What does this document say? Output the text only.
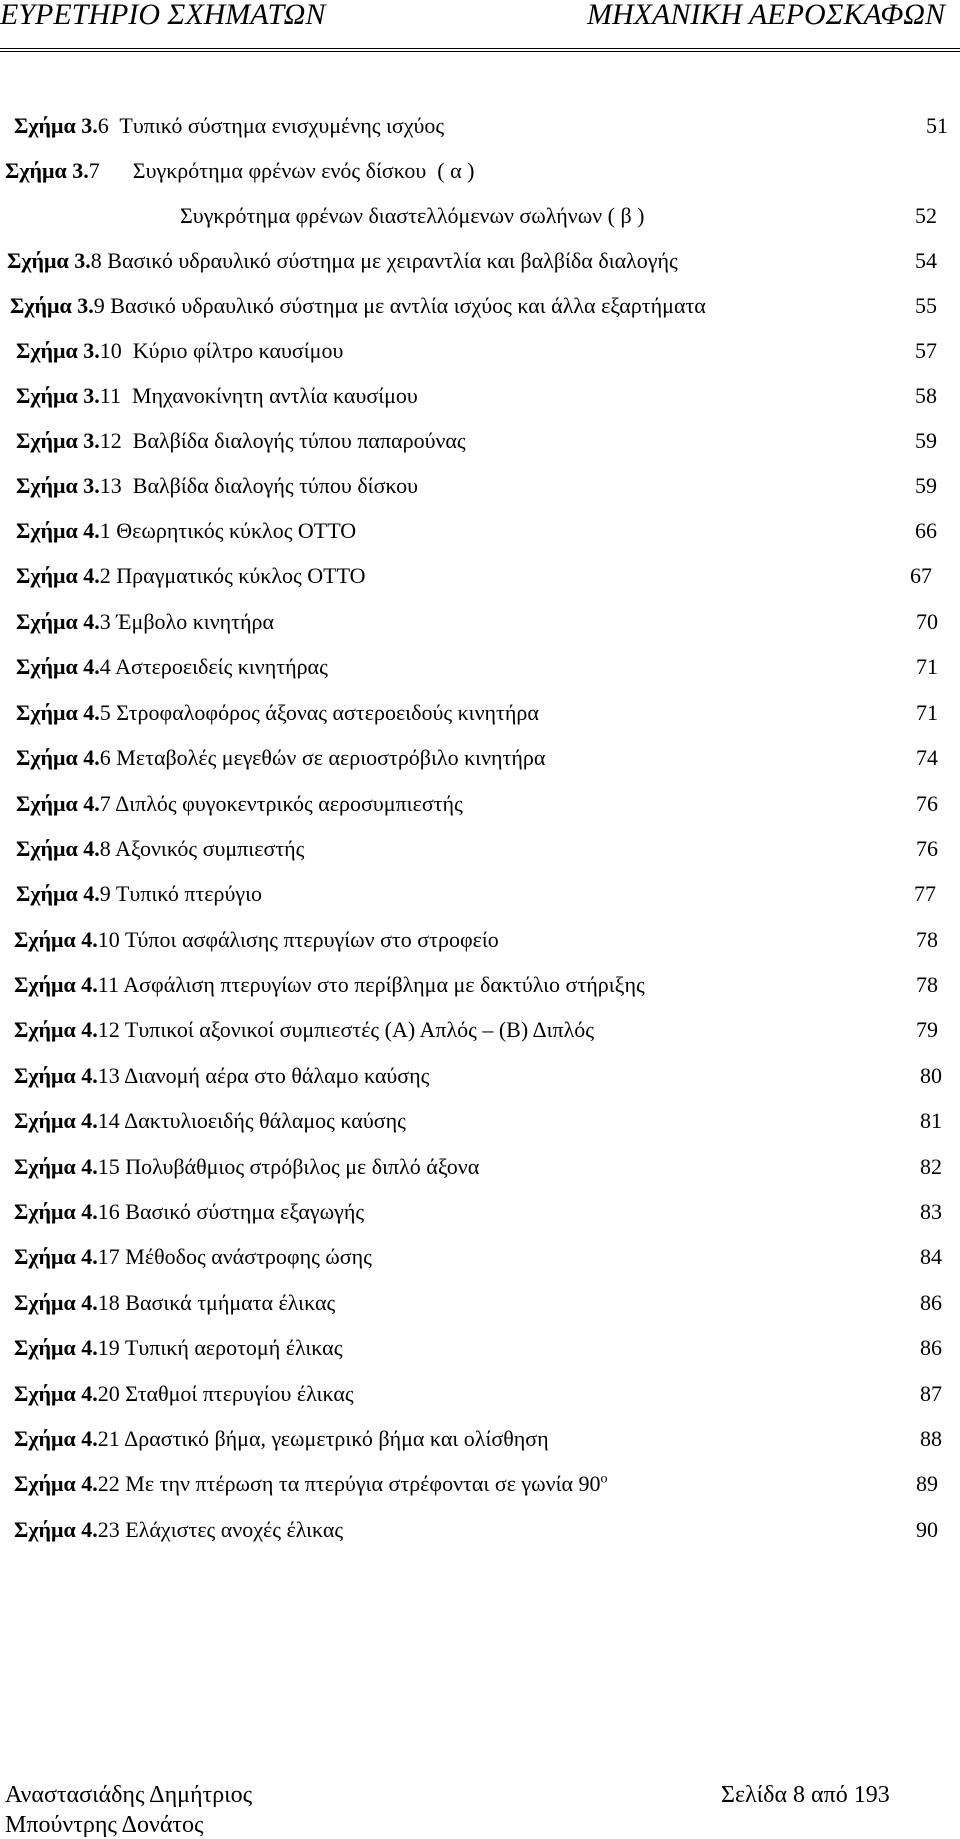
ΕΥΡΕΤΗΡΙΟ ΣΧΗΜΑΤΩΝ	ΜΗΧΑΝΙΚΗ ΑΕΡΟΣΚΑΦΩΝ
Σχήμα 3.6  Τυπικό σύστημα ενισχυμένης ισχύος	51
Σχήμα 3.7      Συγκρότημα φρένων ενός δίσκου  ( α )
Συγκρότημα φρένων διαστελλόμενων σωλήνων ( β )	52
Σχήμα 3.8 Βασικό υδραυλικό σύστημα με χειραντλία και βαλβίδα διαλογής	54
Σχήμα 3.9 Βασικό υδραυλικό σύστημα με αντλία ισχύος και άλλα εξαρτήματα	55
Σχήμα 3.10  Κύριο φίλτρο καυσίμου	57
Σχήμα 3.11  Μηχανοκίνητη αντλία καυσίμου	58
Σχήμα 3.12  Βαλβίδα διαλογής τύπου παπαρούνας	59
Σχήμα 3.13  Βαλβίδα διαλογής τύπου δίσκου	59
Σχήμα 4.1 Θεωρητικός κύκλος ΟΤΤΟ	66
Σχήμα 4.2 Πραγματικός κύκλος ΟΤΤΟ	67
Σχήμα 4.3 Έμβολο κινητήρα	70
Σχήμα 4.4 Αστεροειδείς κινητήρας	71
Σχήμα 4.5 Στροφαλοφόρος άξονας αστεροειδούς κινητήρα	71
Σχήμα 4.6 Μεταβολές μεγεθών σε αεριοστρόβιλο κινητήρα	74
Σχήμα 4.7 Διπλός φυγοκεντρικός αεροσυμπιεστής	76
Σχήμα 4.8 Αξονικός συμπιεστής	76
Σχήμα 4.9 Τυπικό πτερύγιο	77
Σχήμα 4.10 Τύποι ασφάλισης πτερυγίων στο στροφείο	78
Σχήμα 4.11 Ασφάλιση πτερυγίων στο περίβλημα με δακτύλιο στήριξης	78
Σχήμα 4.12 Τυπικοί αξονικοί συμπιεστές (Α) Απλός – (Β) Διπλός	79
Σχήμα 4.13 Διανομή αέρα στο θάλαμο καύσης	80
Σχήμα 4.14 Δακτυλιοειδής θάλαμος καύσης	81
Σχήμα 4.15 Πολυβάθμιος στρόβιλος με διπλό άξονα	82
Σχήμα 4.16 Βασικό σύστημα εξαγωγής	83
Σχήμα 4.17 Μέθοδος ανάστροφης ώσης	84
Σχήμα 4.18 Βασικά τμήματα έλικας	86
Σχήμα 4.19 Τυπική αεροτομή έλικας	86
Σχήμα 4.20 Σταθμοί πτερυγίου έλικας	87
Σχήμα 4.21 Δραστικό βήμα, γεωμετρικό βήμα και ολίσθηση	88
Σχήμα 4.22 Με την πτέρωση τα πτερύγια στρέφονται σε γωνία $90^o$	89
Σχήμα 4.23 Ελάχιστες ανοχές έλικας	90
Αναστασιάδης Δημήτριος
Μπούντρης Δονάτος
Σελίδα 8 από 193
